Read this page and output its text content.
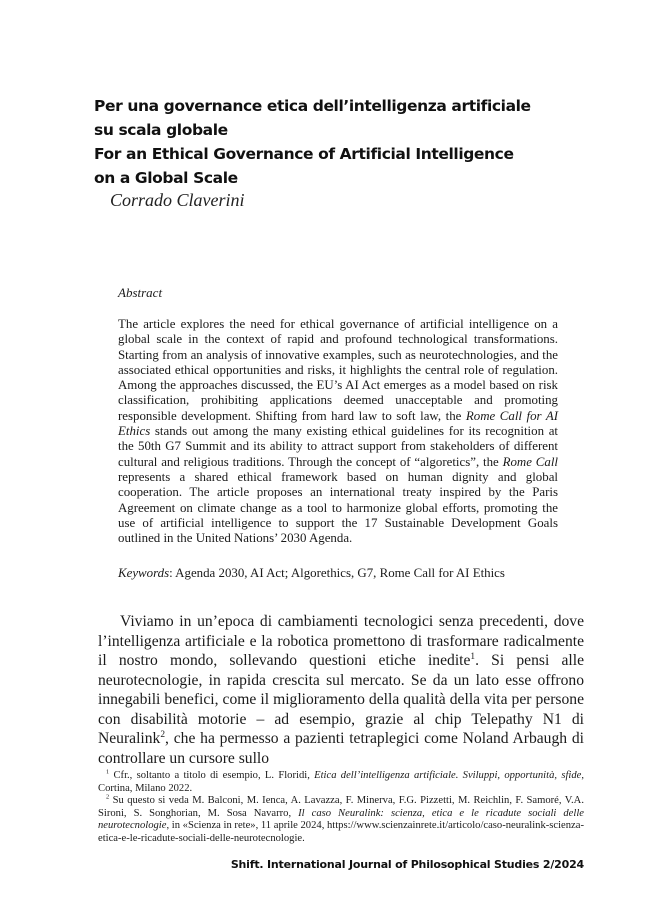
Per una governance etica dell’intelligenza artificiale
su scala globale
For an Ethical Governance of Artificial Intelligence
on a Global Scale
Corrado Claverini
Abstract
The article explores the need for ethical governance of artificial intelligence on a global scale in the context of rapid and profound technological transformations. Starting from an analysis of innovative examples, such as neurotechnologies, and the associated ethical opportunities and risks, it highlights the central role of regulation. Among the approaches discussed, the EU’s AI Act emerges as a model based on risk classification, prohibiting applications deemed unacceptable and promoting responsible development. Shifting from hard law to soft law, the Rome Call for AI Ethics stands out among the many existing ethical guidelines for its recognition at the 50th G7 Summit and its ability to attract support from stakeholders of different cultural and religious traditions. Through the concept of “algoretics”, the Rome Call represents a shared ethical framework based on human dignity and global cooperation. The article proposes an international treaty inspired by the Paris Agreement on climate change as a tool to harmonize global efforts, promoting the use of artificial intelligence to support the 17 Sustainable Development Goals outlined in the United Nations’ 2030 Agenda.
Keywords: Agenda 2030, AI Act; Algorethics, G7, Rome Call for AI Ethics

Viviamo in un’epoca di cambiamenti tecnologici senza precedenti, dove l’intelligenza artificiale e la robotica promettono di trasformare radicalmente il nostro mondo, sollevando questioni etiche inedite$^1$. Si pensi alle neurotecnologie, in rapida crescita sul mercato. Se da un lato esse offrono innegabili benefici, come il miglioramento della qualità della vita per persone con disabilità motorie – ad esempio, grazie al chip Telepathy N1 di Neuralink$^2$, che ha permesso a pazienti tetraplegici come Noland Arbaugh di controllare un cursore sullo

$^1$ Cfr., soltanto a titolo di esempio, L. Floridi, Etica dell’intelligenza artificiale. Sviluppi, opportunità, sfide, Cortina, Milano 2022.

$^2$ Su questo si veda M. Balconi, M. Ienca, A. Lavazza, F. Minerva, F.G. Pizzetti, M. Reichlin, F. Samoré, V.A. Sironi, S. Songhorian, M. Sosa Navarro, Il caso Neuralink: scienza, etica e le ricadute sociali delle neurotecnologie, in «Scienza in rete», 11 aprile 2024, https://www.scienzainrete.it/articolo/caso-neuralink-scienza-etica-e-le-ricadute-sociali-delle-neurotecnologie.

Shift. International Journal of Philosophical Studies 2/2024
